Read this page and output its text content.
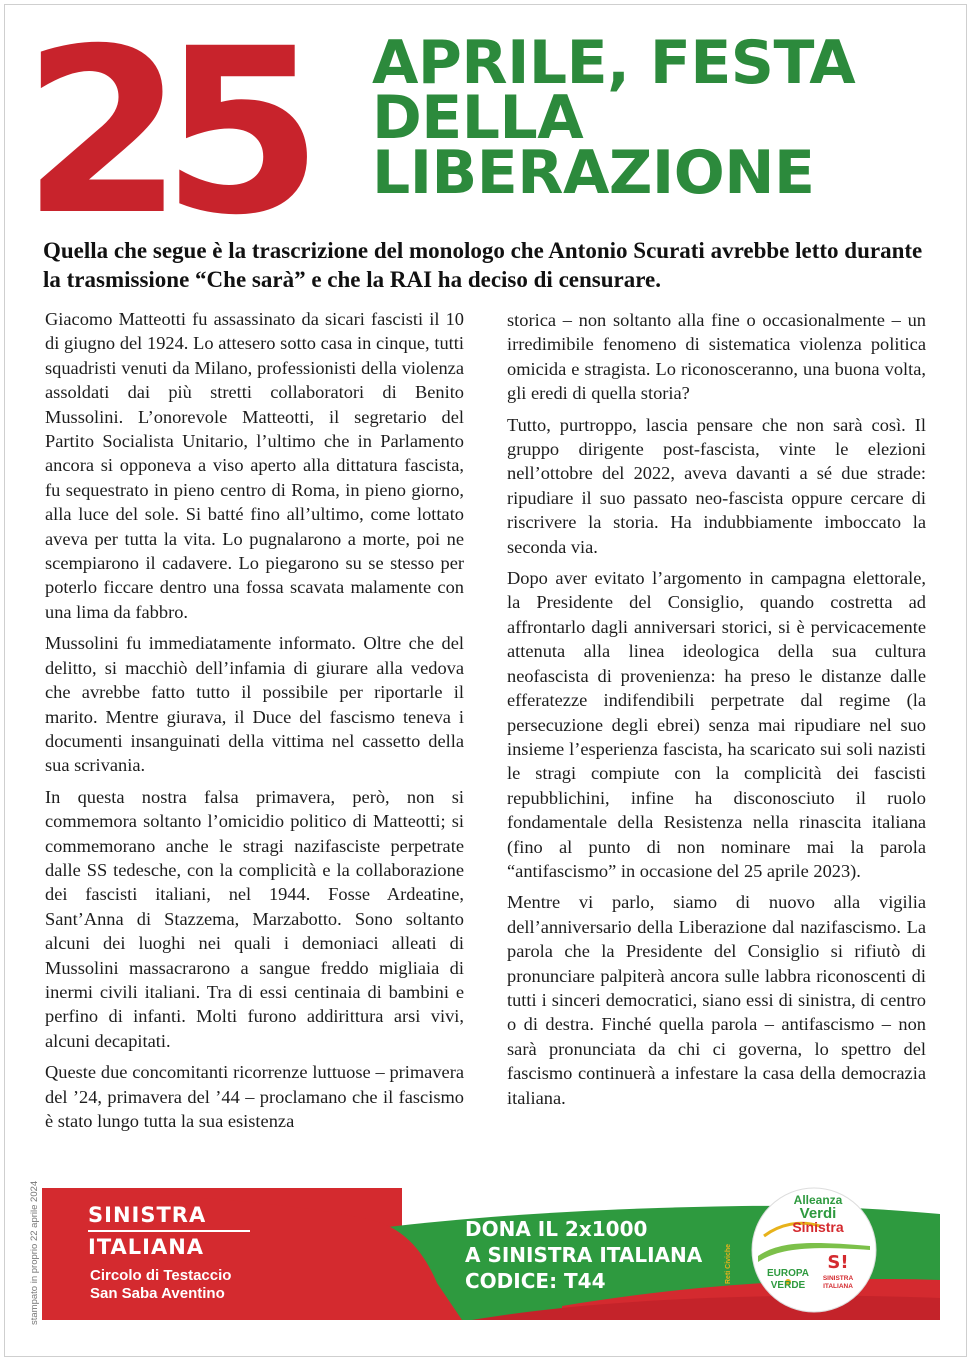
25 APRILE, FESTA
DELLA
LIBERAZIONE
Quella che segue è la trascrizione del monologo che Antonio Scurati avrebbe letto durante la trasmissione “Che sarà” e che la RAI ha deciso di censurare.

Giacomo Matteotti fu assassinato da sicari fascisti il 10 di giugno del 1924. Lo attesero sotto casa in cinque, tutti squadristi venuti da Milano, professionisti della violenza assoldati dai più stretti collaboratori di Benito Mussolini. L’onorevole Matteotti, il segretario del Partito Socialista Unitario, l’ultimo che in Parlamento ancora si opponeva a viso aperto alla dittatura fascista, fu sequestrato in pieno centro di Roma, in pieno giorno, alla luce del sole. Si batté fino all’ultimo, come lottato aveva per tutta la vita. Lo pugnalarono a morte, poi ne scempiarono il cadavere. Lo piegarono su se stesso per poterlo ficcare dentro una fossa scavata malamente con una lima da fabbro.

Mussolini fu immediatamente informato. Oltre che del delitto, si macchiò dell’infamia di giurare alla vedova che avrebbe fatto tutto il possibile per riportarle il marito. Mentre giurava, il Duce del fascismo teneva i documenti insanguinati della vittima nel cassetto della sua scrivania.

In questa nostra falsa primavera, però, non si commemora soltanto l’omicidio politico di Matteotti; si commemorano anche le stragi nazifasciste perpetrate dalle SS tedesche, con la complicità e la collaborazione dei fascisti italiani, nel 1944. Fosse Ardeatine, Sant’Anna di Stazzema, Marzabotto. Sono soltanto alcuni dei luoghi nei quali i demoniaci alleati di Mussolini massacrarono a sangue freddo migliaia di inermi civili italiani. Tra di essi centinaia di bambini e perfino di infanti. Molti furono addirittura arsi vivi, alcuni decapitati.

Queste due concomitanti ricorrenze luttuose – primavera del ’24, primavera del ’44 – proclamano che il fascismo è stato lungo tutta la sua esistenza

storica – non soltanto alla fine o occasionalmente – un irredimibile fenomeno di sistematica violenza politica omicida e stragista. Lo riconosceranno, una buona volta, gli eredi di quella storia?

Tutto, purtroppo, lascia pensare che non sarà così. Il gruppo dirigente post-fascista, vinte le elezioni nell’ottobre del 2022, aveva davanti a sé due strade: ripudiare il suo passato neo-fascista oppure cercare di riscrivere la storia. Ha indubbiamente imboccato la seconda via.

Dopo aver evitato l’argomento in campagna elettorale, la Presidente del Consiglio, quando costretta ad affrontarlo dagli anniversari storici, si è pervicacemente attenuta alla linea ideologica della sua cultura neofascista di provenienza: ha preso le distanze dalle efferatezze indifendibili perpetrate dal regime (la persecuzione degli ebrei) senza mai ripudiare nel suo insieme l’esperienza fascista, ha scaricato sui soli nazisti le stragi compiute con la complicità dei fascisti repubblichini, infine ha disconosciuto il ruolo fondamentale della Resistenza nella rinascita italiana (fino al punto di non nominare mai la parola “antifascismo” in occasione del 25 aprile 2023).

Mentre vi parlo, siamo di nuovo alla vigilia dell’anniversario della Liberazione dal nazifascismo. La parola che la Presidente del Consiglio si rifiutò di pronunciare palpiterà ancora sulle labbra riconoscenti di tutti i sinceri democratici, siano essi di sinistra, di centro o di destra. Finché quella parola – antifascismo – non sarà pronunciata da chi ci governa, lo spettro del fascismo continuerà a infestare la casa della democrazia italiana.

stampato in proprio 22 aprile 2024 SINISTRA
ITALIANA
Circolo di Testaccio
San Saba Aventino
DONA IL 2x1000
A SINISTRA ITALIANA
CODICE: T44	Reti Civiche
Alleanza
Verdi
Sinistra
EUROPA
VERDE
S!
SINISTRA
ITALIANA
